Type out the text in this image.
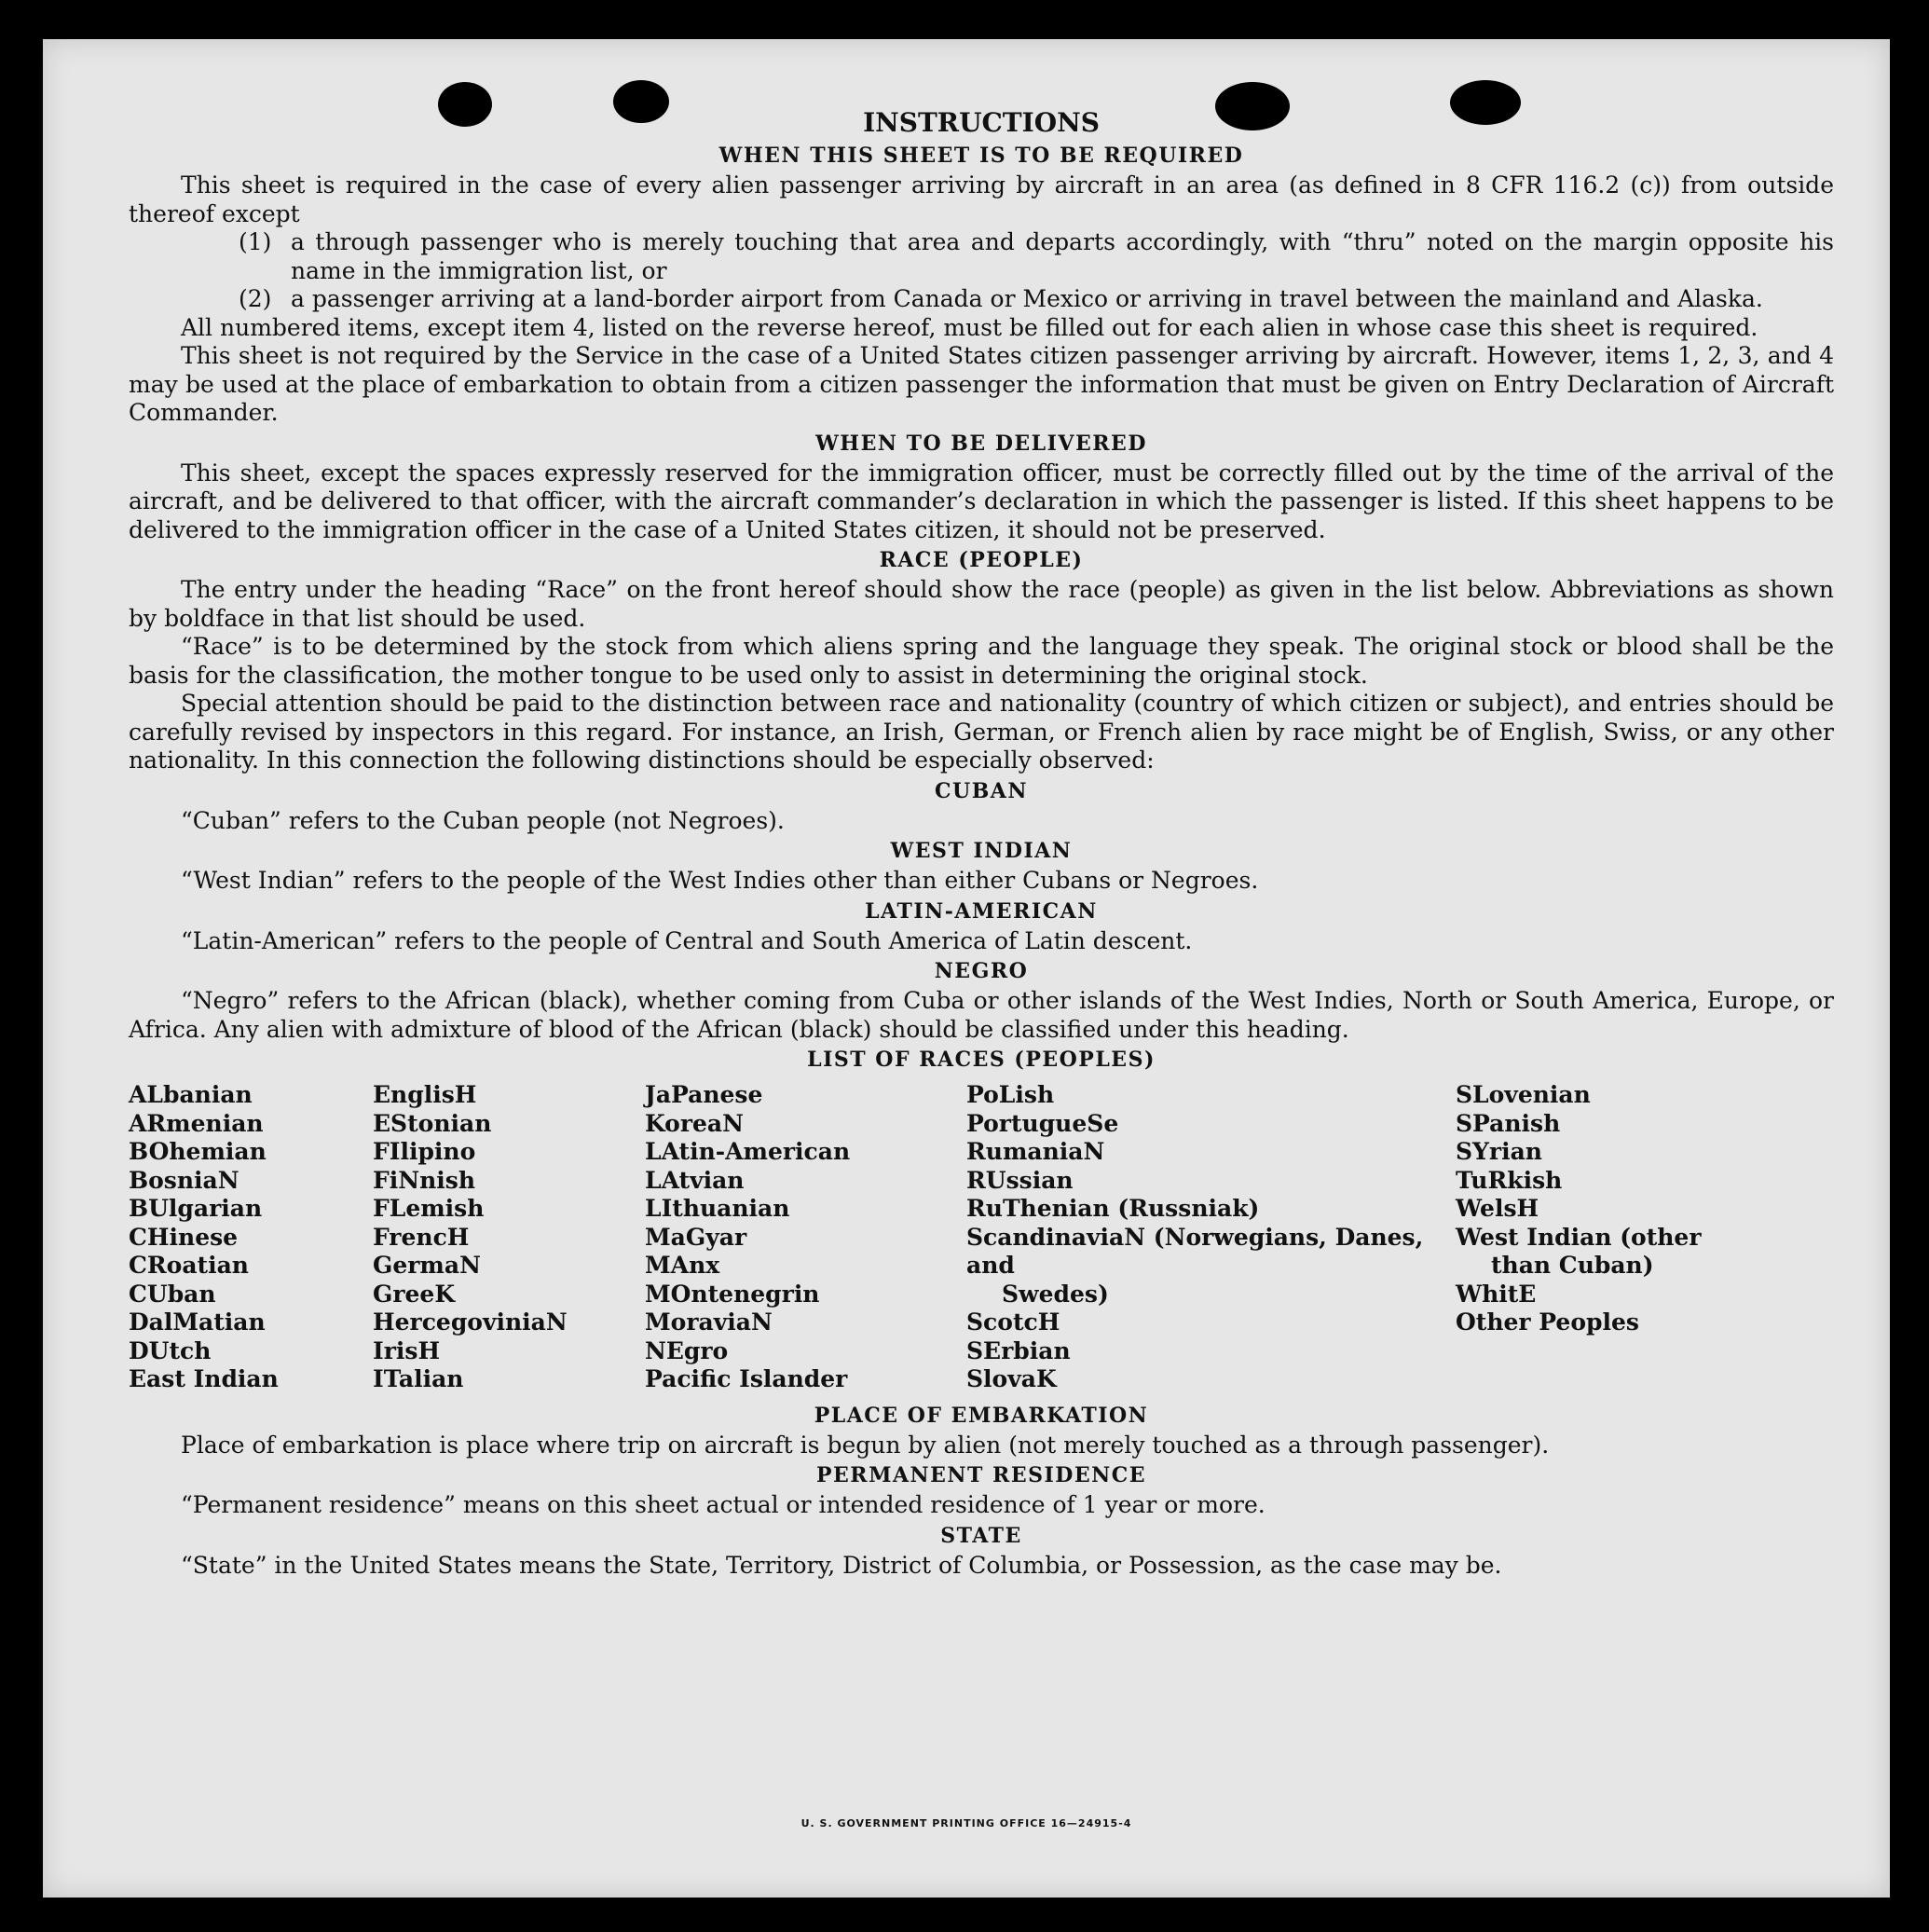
INSTRUCTIONS

WHEN THIS SHEET IS TO BE REQUIRED

This sheet is required in the case of every alien passenger arriving by aircraft in an area (as defined in 8 CFR 116.2 (c)) from outside thereof except

(1) a through passenger who is merely touching that area and departs accordingly, with “thru” noted on the margin opposite his name in the immigration list, or
(2) a passenger arriving at a land-border airport from Canada or Mexico or arriving in travel between the mainland and Alaska.

All numbered items, except item 4, listed on the reverse hereof, must be filled out for each alien in whose case this sheet is required.

This sheet is not required by the Service in the case of a United States citizen passenger arriving by aircraft. However, items 1, 2, 3, and 4 may be used at the place of embarkation to obtain from a citizen passenger the information that must be given on Entry Declaration of Aircraft Commander.

WHEN TO BE DELIVERED

This sheet, except the spaces expressly reserved for the immigration officer, must be correctly filled out by the time of the arrival of the aircraft, and be delivered to that officer, with the aircraft commander’s declaration in which the passenger is listed. If this sheet happens to be delivered to the immigration officer in the case of a United States citizen, it should not be preserved.

RACE (PEOPLE)

The entry under the heading “Race” on the front hereof should show the race (people) as given in the list below. Abbreviations as shown by boldface in that list should be used.

“Race” is to be determined by the stock from which aliens spring and the language they speak. The original stock or blood shall be the basis for the classification, the mother tongue to be used only to assist in determining the original stock.

Special attention should be paid to the distinction between race and nationality (country of which citizen or subject), and entries should be carefully revised by inspectors in this regard. For instance, an Irish, German, or French alien by race might be of English, Swiss, or any other nationality. In this connection the following distinctions should be especially observed:

CUBAN

“Cuban” refers to the Cuban people (not Negroes).

WEST INDIAN

“West Indian” refers to the people of the West Indies other than either Cubans or Negroes.

LATIN-AMERICAN

“Latin-American” refers to the people of Central and South America of Latin descent.

NEGRO

“Negro” refers to the African (black), whether coming from Cuba or other islands of the West Indies, North or South America, Europe, or Africa. Any alien with admixture of blood of the African (black) should be classified under this heading.

LIST OF RACES (PEOPLES)

ALbanian
ARmenian
BOhemian
BosniaN
BUlgarian
CHinese
CRoatian
CUban
DalMatian
DUtch
East Indian
EnglisH
EStonian
FIlipino
FiNnish
FLemish
FrencH
GermaN
GreeK
HercegoviniaN
IrisH
ITalian
JaPanese
KoreaN
LAtin-American
LAtvian
LIthuanian
MaGyar
MAnx
MOntenegrin
MoraviaN
NEgro
Pacific Islander
PoLish
PortugueSe
RumaniaN
RUssian
RuThenian (Russniak)
ScandinaviaN (Norwegians, Danes, and
Swedes)
ScotcH
SErbian
SlovaK
SLovenian
SPanish
SYrian
TuRkish
WelsH
West Indian (other
than Cuban)
WhitE
Other Peoples

PLACE OF EMBARKATION

Place of embarkation is place where trip on aircraft is begun by alien (not merely touched as a through passenger).

PERMANENT RESIDENCE

“Permanent residence” means on this sheet actual or intended residence of 1 year or more.

STATE

“State” in the United States means the State, Territory, District of Columbia, or Possession, as the case may be.

U. S. GOVERNMENT PRINTING OFFICE 16—24915-4
